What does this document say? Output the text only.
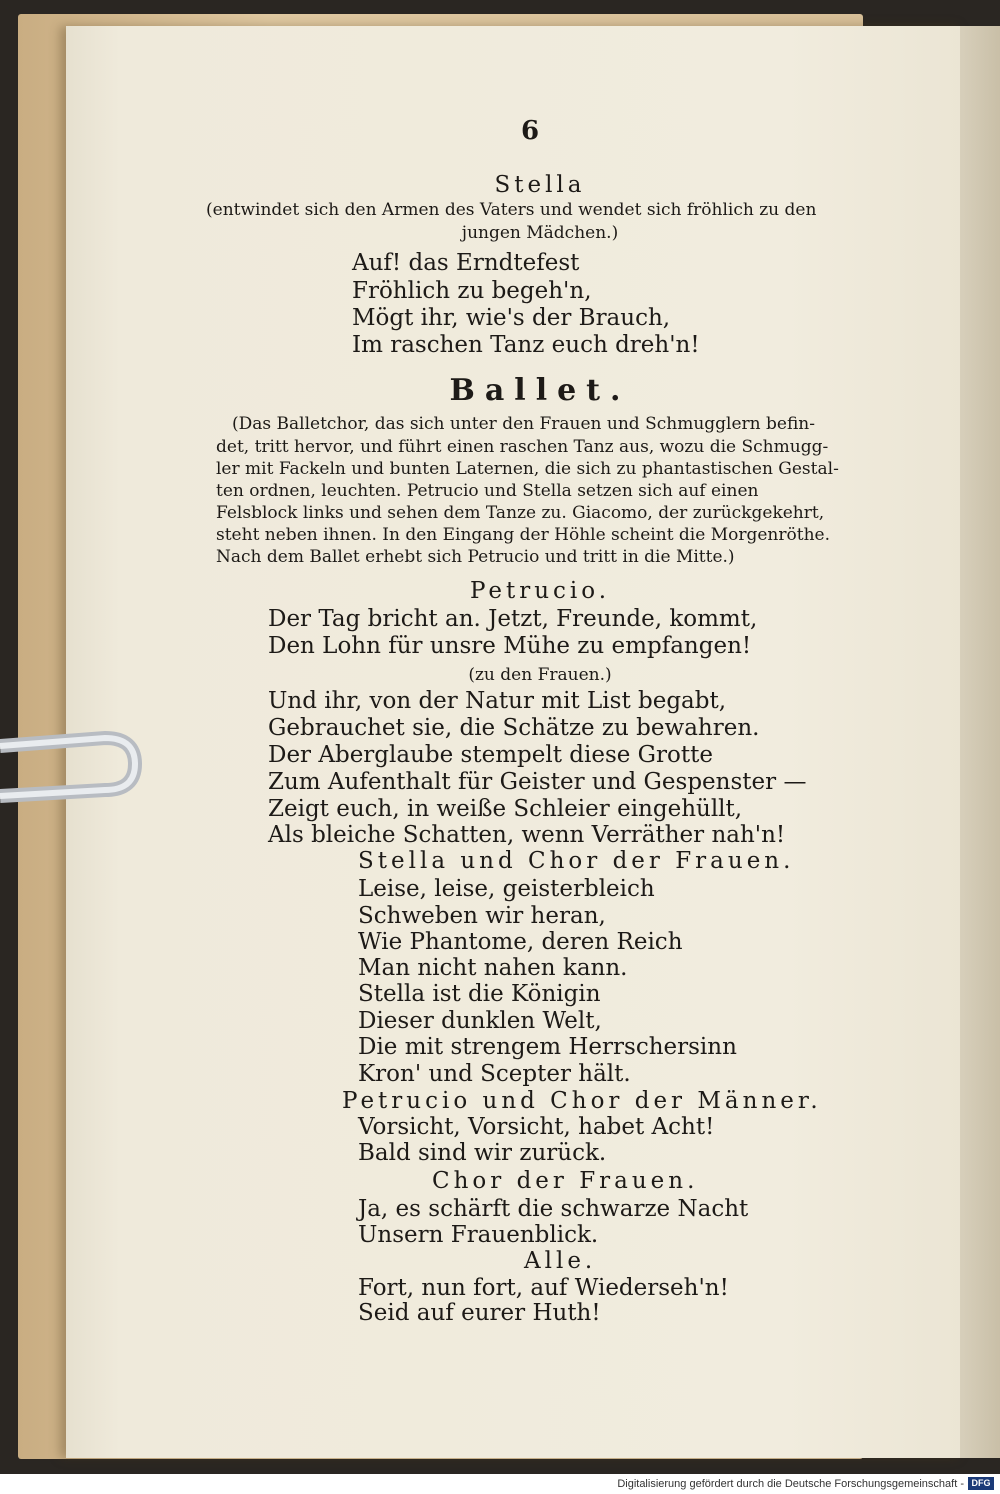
6
Stella
(entwindet sich den Armen des Vaters und wendet sich fröhlich zu den
jungen Mädchen.)
Auf! das Erndtefest
Fröhlich zu begeh'n,
Mögt ihr, wie's der Brauch,
Im raschen Tanz euch dreh'n!
Ballet.
(Das Balletchor, das sich unter den Frauen und Schmugglern befin-
det, tritt hervor, und führt einen raschen Tanz aus, wozu die Schmugg-
ler mit Fackeln und bunten Laternen, die sich zu phantastischen Gestal-
ten ordnen, leuchten. Petrucio und Stella setzen sich auf einen
Felsblock links und sehen dem Tanze zu. Giacomo, der zurückgekehrt,
steht neben ihnen. In den Eingang der Höhle scheint die Morgenröthe.
Nach dem Ballet erhebt sich Petrucio und tritt in die Mitte.)
Petrucio.
Der Tag bricht an. Jetzt, Freunde, kommt,
Den Lohn für unsre Mühe zu empfangen!
(zu den Frauen.)
Und ihr, von der Natur mit List begabt,
Gebrauchet sie, die Schätze zu bewahren.
Der Aberglaube stempelt diese Grotte
Zum Aufenthalt für Geister und Gespenster —
Zeigt euch, in weiße Schleier eingehüllt,
Als bleiche Schatten, wenn Verräther nah'n!
Stella und Chor der Frauen.
Leise, leise, geisterbleich
Schweben wir heran,
Wie Phantome, deren Reich
Man nicht nahen kann.
Stella ist die Königin
Dieser dunklen Welt,
Die mit strengem Herrschersinn
Kron' und Scepter hält.
Petrucio und Chor der Männer.
Vorsicht, Vorsicht, habet Acht!
Bald sind wir zurück.
Chor der Frauen.
Ja, es schärft die schwarze Nacht
Unsern Frauenblick.
Alle.
Fort, nun fort, auf Wiederseh'n!
Seid auf eurer Huth!
Digitalisierung gefördert durch die Deutsche Forschungsgemeinschaft - DFG
